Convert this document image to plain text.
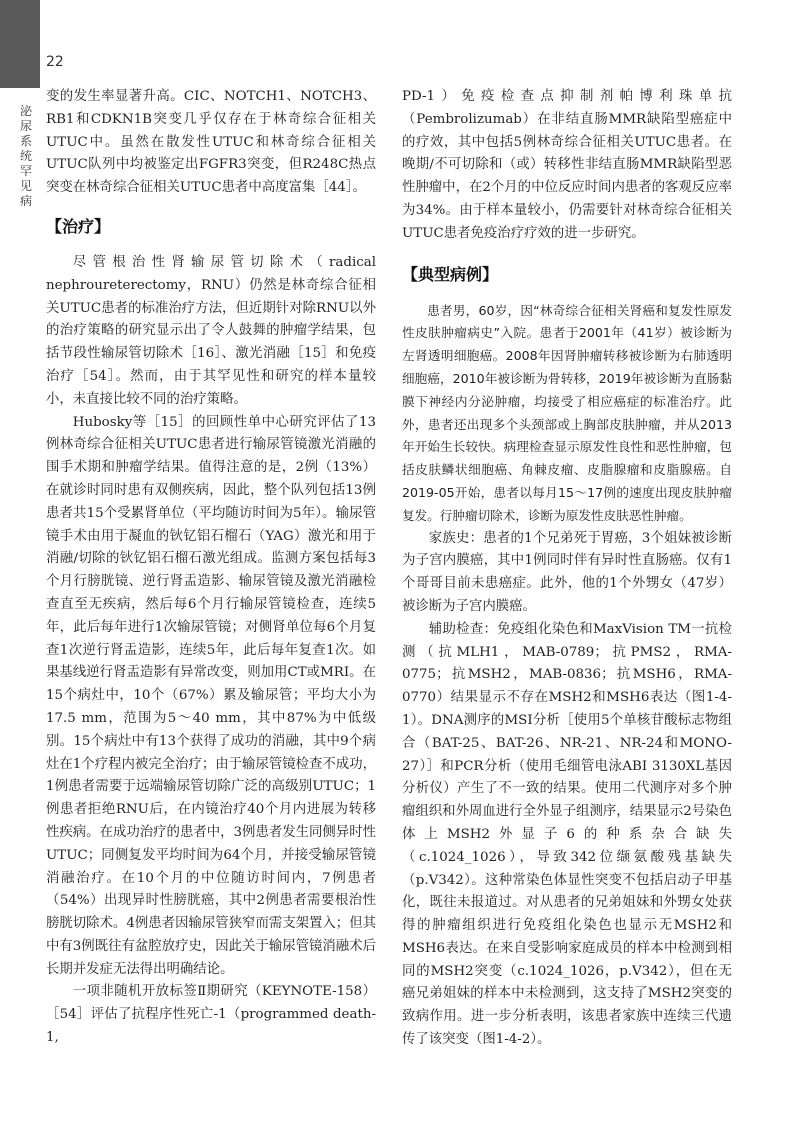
22
泌尿系统罕见病

变的发生率显著升高。CIC、NOTCH1、NOTCH3、RB1和CDKN1B突变几乎仅存在于林奇综合征相关UTUC中。虽然在散发性UTUC和林奇综合征相关UTUC队列中均被鉴定出FGFR3突变，但R248C热点突变在林奇综合征相关UTUC患者中高度富集［44］。

【治疗】

尽管根治性肾输尿管切除术（radical nephroureterectomy，RNU）仍然是林奇综合征相关UTUC患者的标准治疗方法，但近期针对除RNU以外的治疗策略的研究显示出了令人鼓舞的肿瘤学结果，包括节段性输尿管切除术［16］、激光消融［15］和免疫治疗［54］。然而，由于其罕见性和研究的样本量较小，未直接比较不同的治疗策略。

Hubosky等［15］的回顾性单中心研究评估了13例林奇综合征相关UTUC患者进行输尿管镜激光消融的围手术期和肿瘤学结果。值得注意的是，2例（13%）在就诊时同时患有双侧疾病，因此，整个队列包括13例患者共15个受累肾单位（平均随访时间为5年）。输尿管镜手术由用于凝血的钬钇铝石榴石（YAG）激光和用于消融/切除的钬钇铝石榴石激光组成。监测方案包括每3个月行膀胱镜、逆行肾盂造影、输尿管镜及激光消融检查直至无疾病，然后每6个月行输尿管镜检查，连续5年，此后每年进行1次输尿管镜；对侧肾单位每6个月复查1次逆行肾盂造影，连续5年，此后每年复查1次。如果基线逆行肾盂造影有异常改变，则加用CT或MRI。在15个病灶中，10个（67%）累及输尿管；平均大小为17.5 mm，范围为5～40 mm，其中87%为中低级别。15个病灶中有13个获得了成功的消融，其中9个病灶在1个疗程内被完全治疗；由于输尿管镜检查不成功，1例患者需要于远端输尿管切除广泛的高级别UTUC；1例患者拒绝RNU后，在内镜治疗40个月内进展为转移性疾病。在成功治疗的患者中，3例患者发生同侧异时性UTUC；同侧复发平均时间为64个月，并接受输尿管镜消融治疗。在10个月的中位随访时间内，7例患者（54%）出现异时性膀胱癌，其中2例患者需要根治性膀胱切除术。4例患者因输尿管狭窄而需支架置入；但其中有3例既往有盆腔放疗史，因此关于输尿管镜消融术后长期并发症无法得出明确结论。

一项非随机开放标签Ⅱ期研究（KEYNOTE-158）［54］评估了抗程序性死亡-1（programmed death-1,

PD-1）免疫检查点抑制剂帕博利珠单抗（Pembrolizumab）在非结直肠MMR缺陷型癌症中的疗效，其中包括5例林奇综合征相关UTUC患者。在晚期/不可切除和（或）转移性非结直肠MMR缺陷型恶性肿瘤中，在2个月的中位反应时间内患者的客观反应率为34%。由于样本量较小，仍需要针对林奇综合征相关UTUC患者免疫治疗疗效的进一步研究。

【典型病例】

患者男，60岁，因“林奇综合征相关肾癌和复发性原发性皮肤肿瘤病史”入院。患者于2001年（41岁）被诊断为左肾透明细胞癌。2008年因肾肿瘤转移被诊断为右肺透明细胞癌，2010年被诊断为骨转移，2019年被诊断为直肠黏膜下神经内分泌肿瘤，均接受了相应癌症的标准治疗。此外，患者还出现多个头颈部或上胸部皮肤肿瘤，并从2013年开始生长较快。病理检查显示原发性良性和恶性肿瘤，包括皮肤鳞状细胞癌、角棘皮瘤、皮脂腺瘤和皮脂腺癌。自2019-05开始，患者以每月15～17例的速度出现皮肤肿瘤复发。行肿瘤切除术，诊断为原发性皮肤恶性肿瘤。

家族史：患者的1个兄弟死于胃癌，3个姐妹被诊断为子宫内膜癌，其中1例同时伴有异时性直肠癌。仅有1个哥哥目前未患癌症。此外，他的1个外甥女（47岁）被诊断为子宫内膜癌。

辅助检查：免疫组化染色和MaxVision TM一抗检测（抗MLH1，MAB-0789；抗PMS2，RMA-0775；抗MSH2，MAB-0836；抗MSH6，RMA-0770）结果显示不存在MSH2和MSH6表达（图1-4-1）。DNA测序的MSI分析［使用5个单核苷酸标志物组合（BAT-25、BAT-26、NR-21、NR-24和MONO-27）］和PCR分析（使用毛细管电泳ABI 3130XL基因分析仪）产生了不一致的结果。使用二代测序对多个肿瘤组织和外周血进行全外显子组测序，结果显示2号染色体上MSH2外显子6的种系杂合缺失（c.1024_1026），导致342位缬氨酸残基缺失（p.V342）。这种常染色体显性突变不包括启动子甲基化，既往未报道过。对从患者的兄弟姐妹和外甥女处获得的肿瘤组织进行免疫组化染色也显示无MSH2和MSH6表达。在来自受影响家庭成员的样本中检测到相同的MSH2突变（c.1024_1026，p.V342），但在无癌兄弟姐妹的样本中未检测到，这支持了MSH2突变的致病作用。进一步分析表明，该患者家族中连续三代遗传了该突变（图1-4-2）。
